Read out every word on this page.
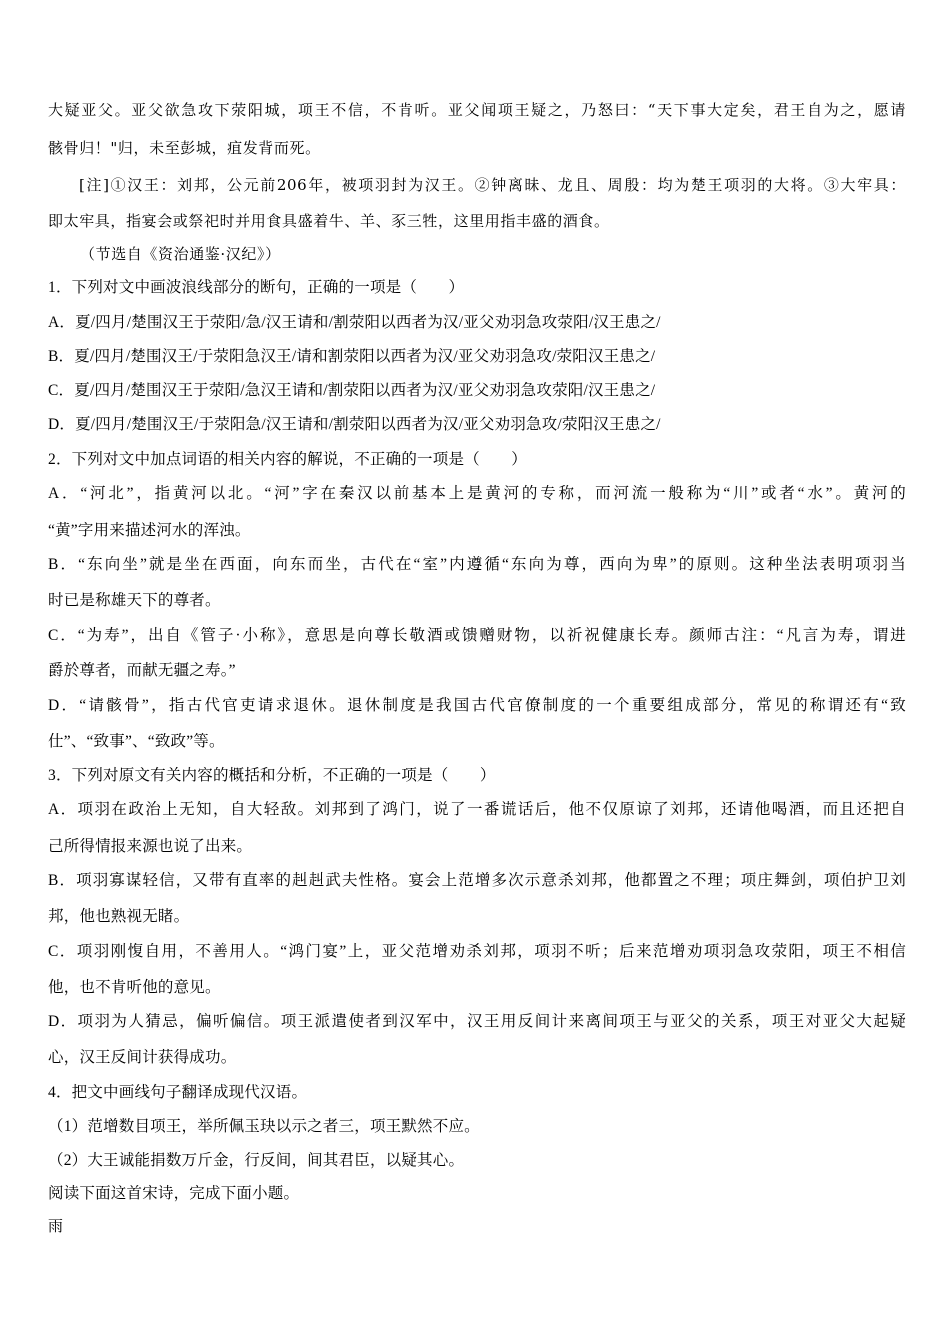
大疑亚父。亚父欲急攻下荥阳城，项王不信，不肯听。亚父闻项王疑之，乃怒曰：“天下事大定矣，君王自为之，愿请
骸骨归！"归，未至彭城，疽发背而死。
[注]①汉王：刘邦，公元前206年，被项羽封为汉王。②钟离昧、龙且、周殷：均为楚王项羽的大将。③大牢具：
即太牢具，指宴会或祭祀时并用食具盛着牛、羊、豕三牲，这里用指丰盛的酒食。
（节选自《资治通鉴·汉纪》）
1．下列对文中画波浪线部分的断句，正确的一项是（　　）
A．夏/四月/楚围汉王于荥阳/急/汉王请和/割荥阳以西者为汉/亚父劝羽急攻荥阳/汉王患之/
B．夏/四月/楚围汉王/于荥阳急汉王/请和割荥阳以西者为汉/亚父劝羽急攻/荥阳汉王患之/
C．夏/四月/楚围汉王于荥阳/急汉王请和/割荥阳以西者为汉/亚父劝羽急攻荥阳/汉王患之/
D．夏/四月/楚围汉王/于荥阳急/汉王请和/割荥阳以西者为汉/亚父劝羽急攻/荥阳汉王患之/
2．下列对文中加点词语的相关内容的解说，不正确的一项是（　　）
A．“河北”，指黄河以北。“河”字在秦汉以前基本上是黄河的专称，而河流一般称为“川”或者“水”。黄河的
“黄”字用来描述河水的浑浊。
B．“东向坐”就是坐在西面，向东而坐，古代在“室”内遵循“东向为尊，西向为卑”的原则。这种坐法表明项羽当
时已是称雄天下的尊者。
C．“为寿”，出自《管子·小称》，意思是向尊长敬酒或馈赠财物，以祈祝健康长寿。颜师古注：“凡言为寿，谓进
爵於尊者，而献无疆之寿。”
D．“请骸骨”，指古代官吏请求退休。退休制度是我国古代官僚制度的一个重要组成部分，常见的称谓还有“致
仕”、“致事”、“致政”等。
3．下列对原文有关内容的概括和分析，不正确的一项是（　　）
A．项羽在政治上无知，自大轻敌。刘邦到了鸿门，说了一番谎话后，他不仅原谅了刘邦，还请他喝酒，而且还把自
己所得情报来源也说了出来。
B．项羽寡谋轻信，又带有直率的赳赳武夫性格。宴会上范增多次示意杀刘邦，他都置之不理；项庄舞剑，项伯护卫刘
邦，他也熟视无睹。
C．项羽刚愎自用，不善用人。“鸿门宴”上，亚父范增劝杀刘邦，项羽不听；后来范增劝项羽急攻荥阳，项王不相信
他，也不肯听他的意见。
D．项羽为人猜忌，偏听偏信。项王派遣使者到汉军中，汉王用反间计来离间项王与亚父的关系，项王对亚父大起疑
心，汉王反间计获得成功。
4．把文中画线句子翻译成现代汉语。
（1）范增数目项王，举所佩玉玦以示之者三，项王默然不应。
（2）大王诚能捐数万斤金，行反间，间其君臣，以疑其心。
阅读下面这首宋诗，完成下面小题。
雨
